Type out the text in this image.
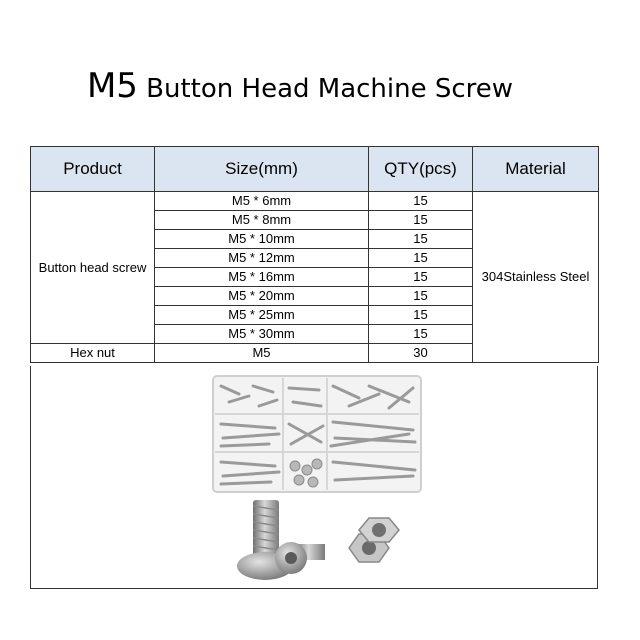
M5 Button Head Machine Screw
Product	Size(mm)	QTY(pcs)	Material
Button head screw	M5 * 6mm	15	304Stainless Steel
	M5 * 8mm	15	
	M5 * 10mm	15	
	M5 * 12mm	15	
	M5 * 16mm	15	
	M5 * 20mm	15	
	M5 * 25mm	15	
	M5 * 30mm	15	
Hex nut	M5	30	
